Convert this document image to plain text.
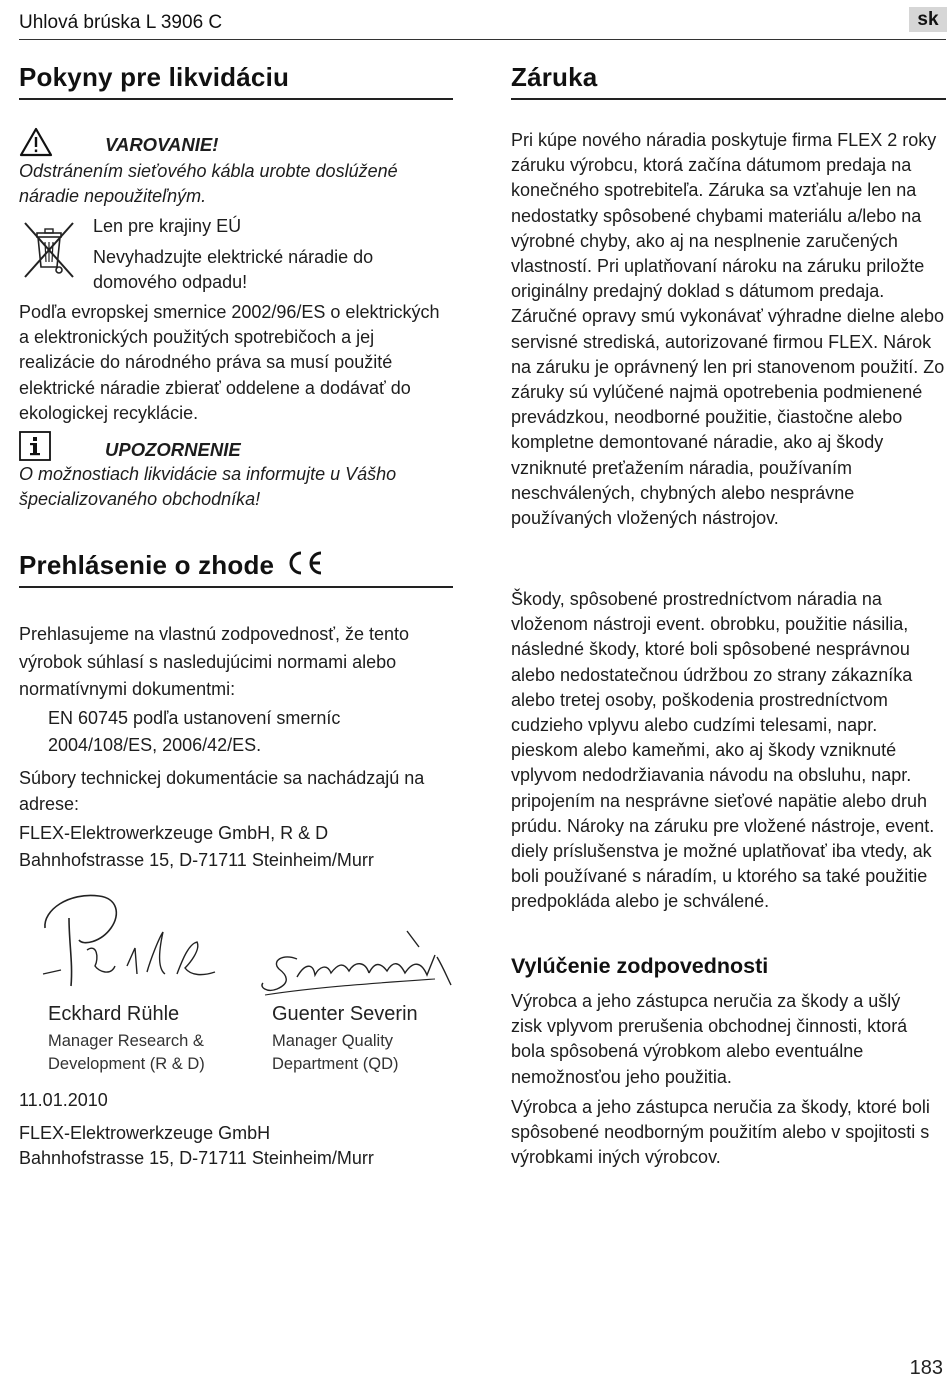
Uhlová brúska L 3906 C	sk
Pokyny pre likvidáciu
VAROVANIE!

Odstránením sieťového kábla urobte doslúžené náradie nepoužiteľným.

Len pre krajiny EÚ

Nevyhadzujte elektrické náradie do domového odpadu!

Podľa evropskej smernice 2002/96/ES o elektrických a elektronických použitých spotrebičoch a jej realizácie do národného práva sa musí použité elektrické náradie zbierať oddelene a dodávať do ekologickej recyklácie.

UPOZORNENIE

O možnostiach likvidácie sa informujte u Vášho špecializovaného obchodníka!

Prehlásenie o zhode

Prehlasujeme na vlastnú zodpovednosť, že tento výrobok súhlasí s nasledujúcimi normami alebo normatívnymi dokumentmi:

EN 60745 podľa ustanovení smerníc
2004/108/ES, 2006/42/ES.

Súbory technickej dokumentácie sa nachádzajú na adrese:

FLEX-Elektrowerkzeuge GmbH, R & D
Bahnhofstrasse 15, D-71711 Steinheim/Murr
Eckhard Rühle
Manager Research &
Development (R & D)
Guenter Severin
Manager Quality
Department (QD)
11.01.2010
FLEX-Elektrowerkzeuge GmbH
Bahnhofstrasse 15, D-71711 Steinheim/Murr
Záruka

Pri kúpe nového náradia poskytuje firma FLEX 2 roky záruku výrobcu, ktorá začína dátumom predaja na konečného spotrebiteľa. Záruka sa vzťahuje len na nedostatky spôsobené chybami materiálu a/lebo na výrobné chyby, ako aj na nesplnenie zaručených vlastností. Pri uplatňovaní nároku na záruku priložte originálny predajný doklad s dátumom predaja. Záručné opravy smú vykonávať výhradne dielne alebo servisné strediská, autorizované firmou FLEX. Nárok na záruku je oprávnený len pri stanovenom použití. Zo záruky sú vylúčené najmä opotrebenia podmienené prevádzkou, neodborné použitie, čiastočne alebo kompletne demontované náradie, ako aj škody vzniknuté preťažením náradia, používaním neschválených, chybných alebo nesprávne používaných vložených nástrojov.

Škody, spôsobené prostredníctvom náradia na vloženom nástroji event. obrobku, použitie násilia, následné škody, ktoré boli spôsobené nesprávnou alebo nedostatečnou údržbou zo strany zákazníka alebo tretej osoby, poškodenia prostredníctvom cudzieho vplyvu alebo cudzími telesami, napr. pieskom alebo kameňmi, ako aj škody vzniknuté vplyvom nedodržiavania návodu na obsluhu, napr. pripojením na nesprávne sieťové napätie alebo druh prúdu. Nároky na záruku pre vložené nástroje, event. diely príslušenstva je možné uplatňovať iba vtedy, ak boli používané s náradím, u ktorého sa také použitie predpokláda alebo je schválené.

Vylúčenie zodpovednosti

Výrobca a jeho zástupca neručia za škody a ušlý zisk vplyvom prerušenia obchodnej činnosti, ktorá bola spôsobená výrobkom alebo eventuálne nemožnosťou jeho použitia.

Výrobca a jeho zástupca neručia za škody, ktoré boli spôsobené neodborným použitím alebo v spojitosti s výrobkami iných výrobcov.

183
